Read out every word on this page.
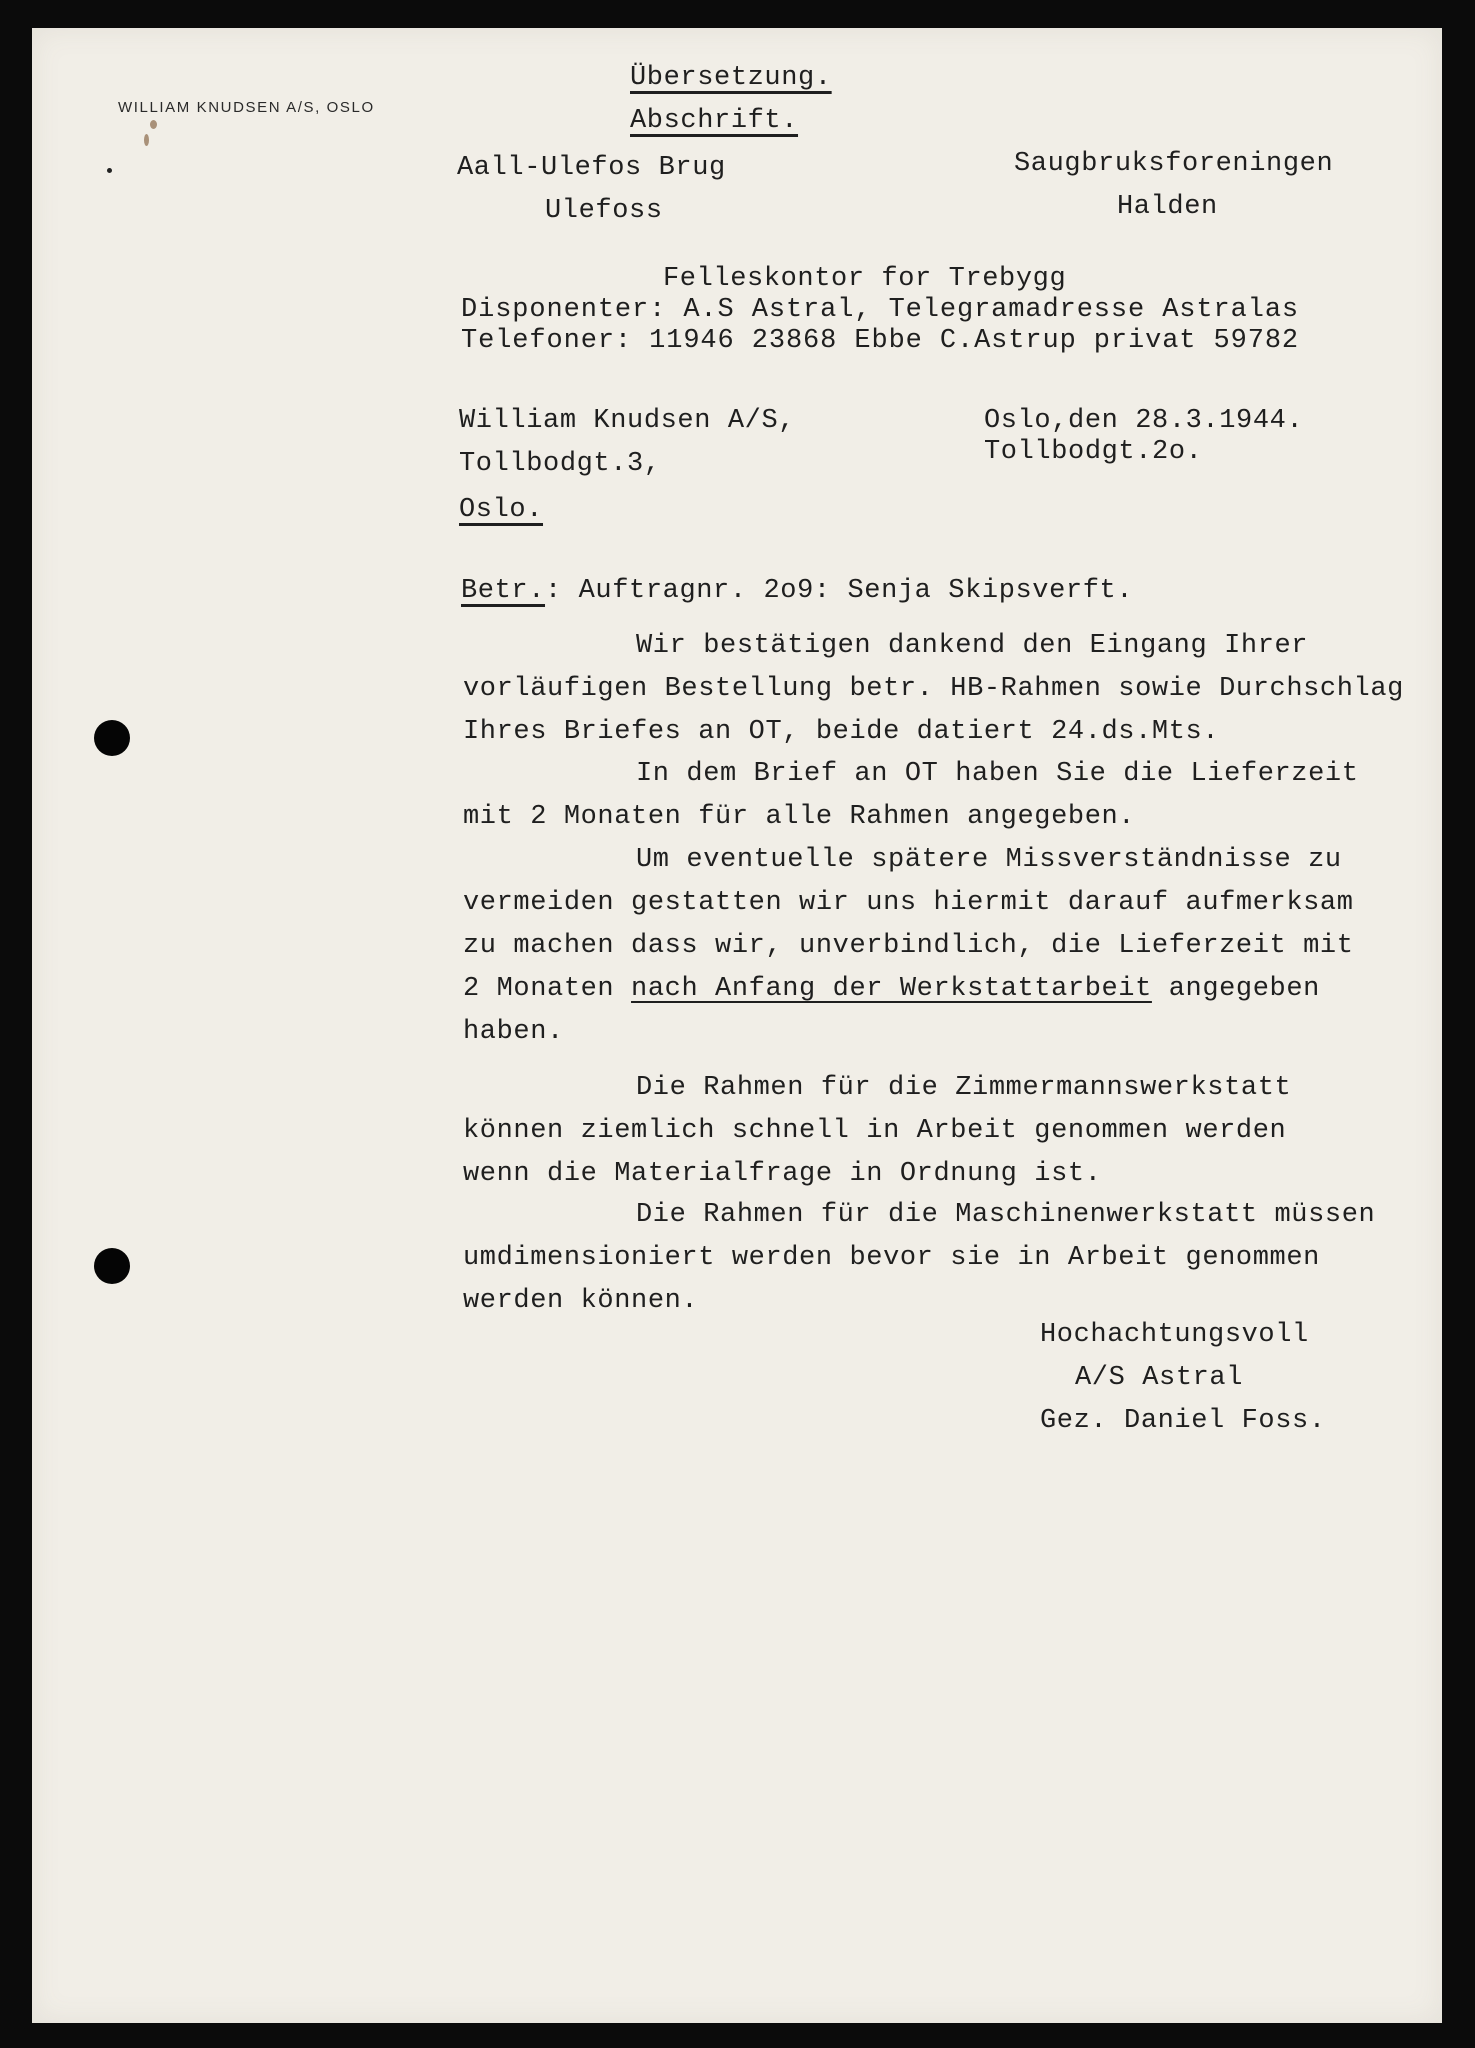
WILLIAM KNUDSEN A/S, OSLO
Übersetzung.
Abschrift.
Aall-Ulefos Brug
Ulefoss
Saugbruksforeningen
Halden
Felleskontor for Trebygg
Disponenter: A.S Astral, Telegramadresse Astralas
Telefoner: 11946 23868 Ebbe C.Astrup privat 59782
William Knudsen A/S,
Tollbodgt.3,
Oslo.
Oslo,den 28.3.1944.
Tollbodgt.2o.
Betr.: Auftragnr. 2o9: Senja Skipsverft.
Wir bestätigen dankend den Eingang Ihrer
vorläufigen Bestellung betr. HB-Rahmen sowie Durchschlag
Ihres Briefes an OT, beide datiert 24.ds.Mts.
In dem Brief an OT haben Sie die Lieferzeit
mit 2 Monaten für alle Rahmen angegeben.
Um eventuelle spätere Missverständnisse zu
vermeiden gestatten wir uns hiermit darauf aufmerksam
zu machen dass wir, unverbindlich, die Lieferzeit mit
2 Monaten nach Anfang der Werkstattarbeit angegeben
haben.
Die Rahmen für die Zimmermannswerkstatt
können ziemlich schnell in Arbeit genommen werden
wenn die Materialfrage in Ordnung ist.
Die Rahmen für die Maschinenwerkstatt müssen
umdimensioniert werden bevor sie in Arbeit genommen
werden können.
Hochachtungsvoll
A/S Astral
Gez. Daniel Foss.
